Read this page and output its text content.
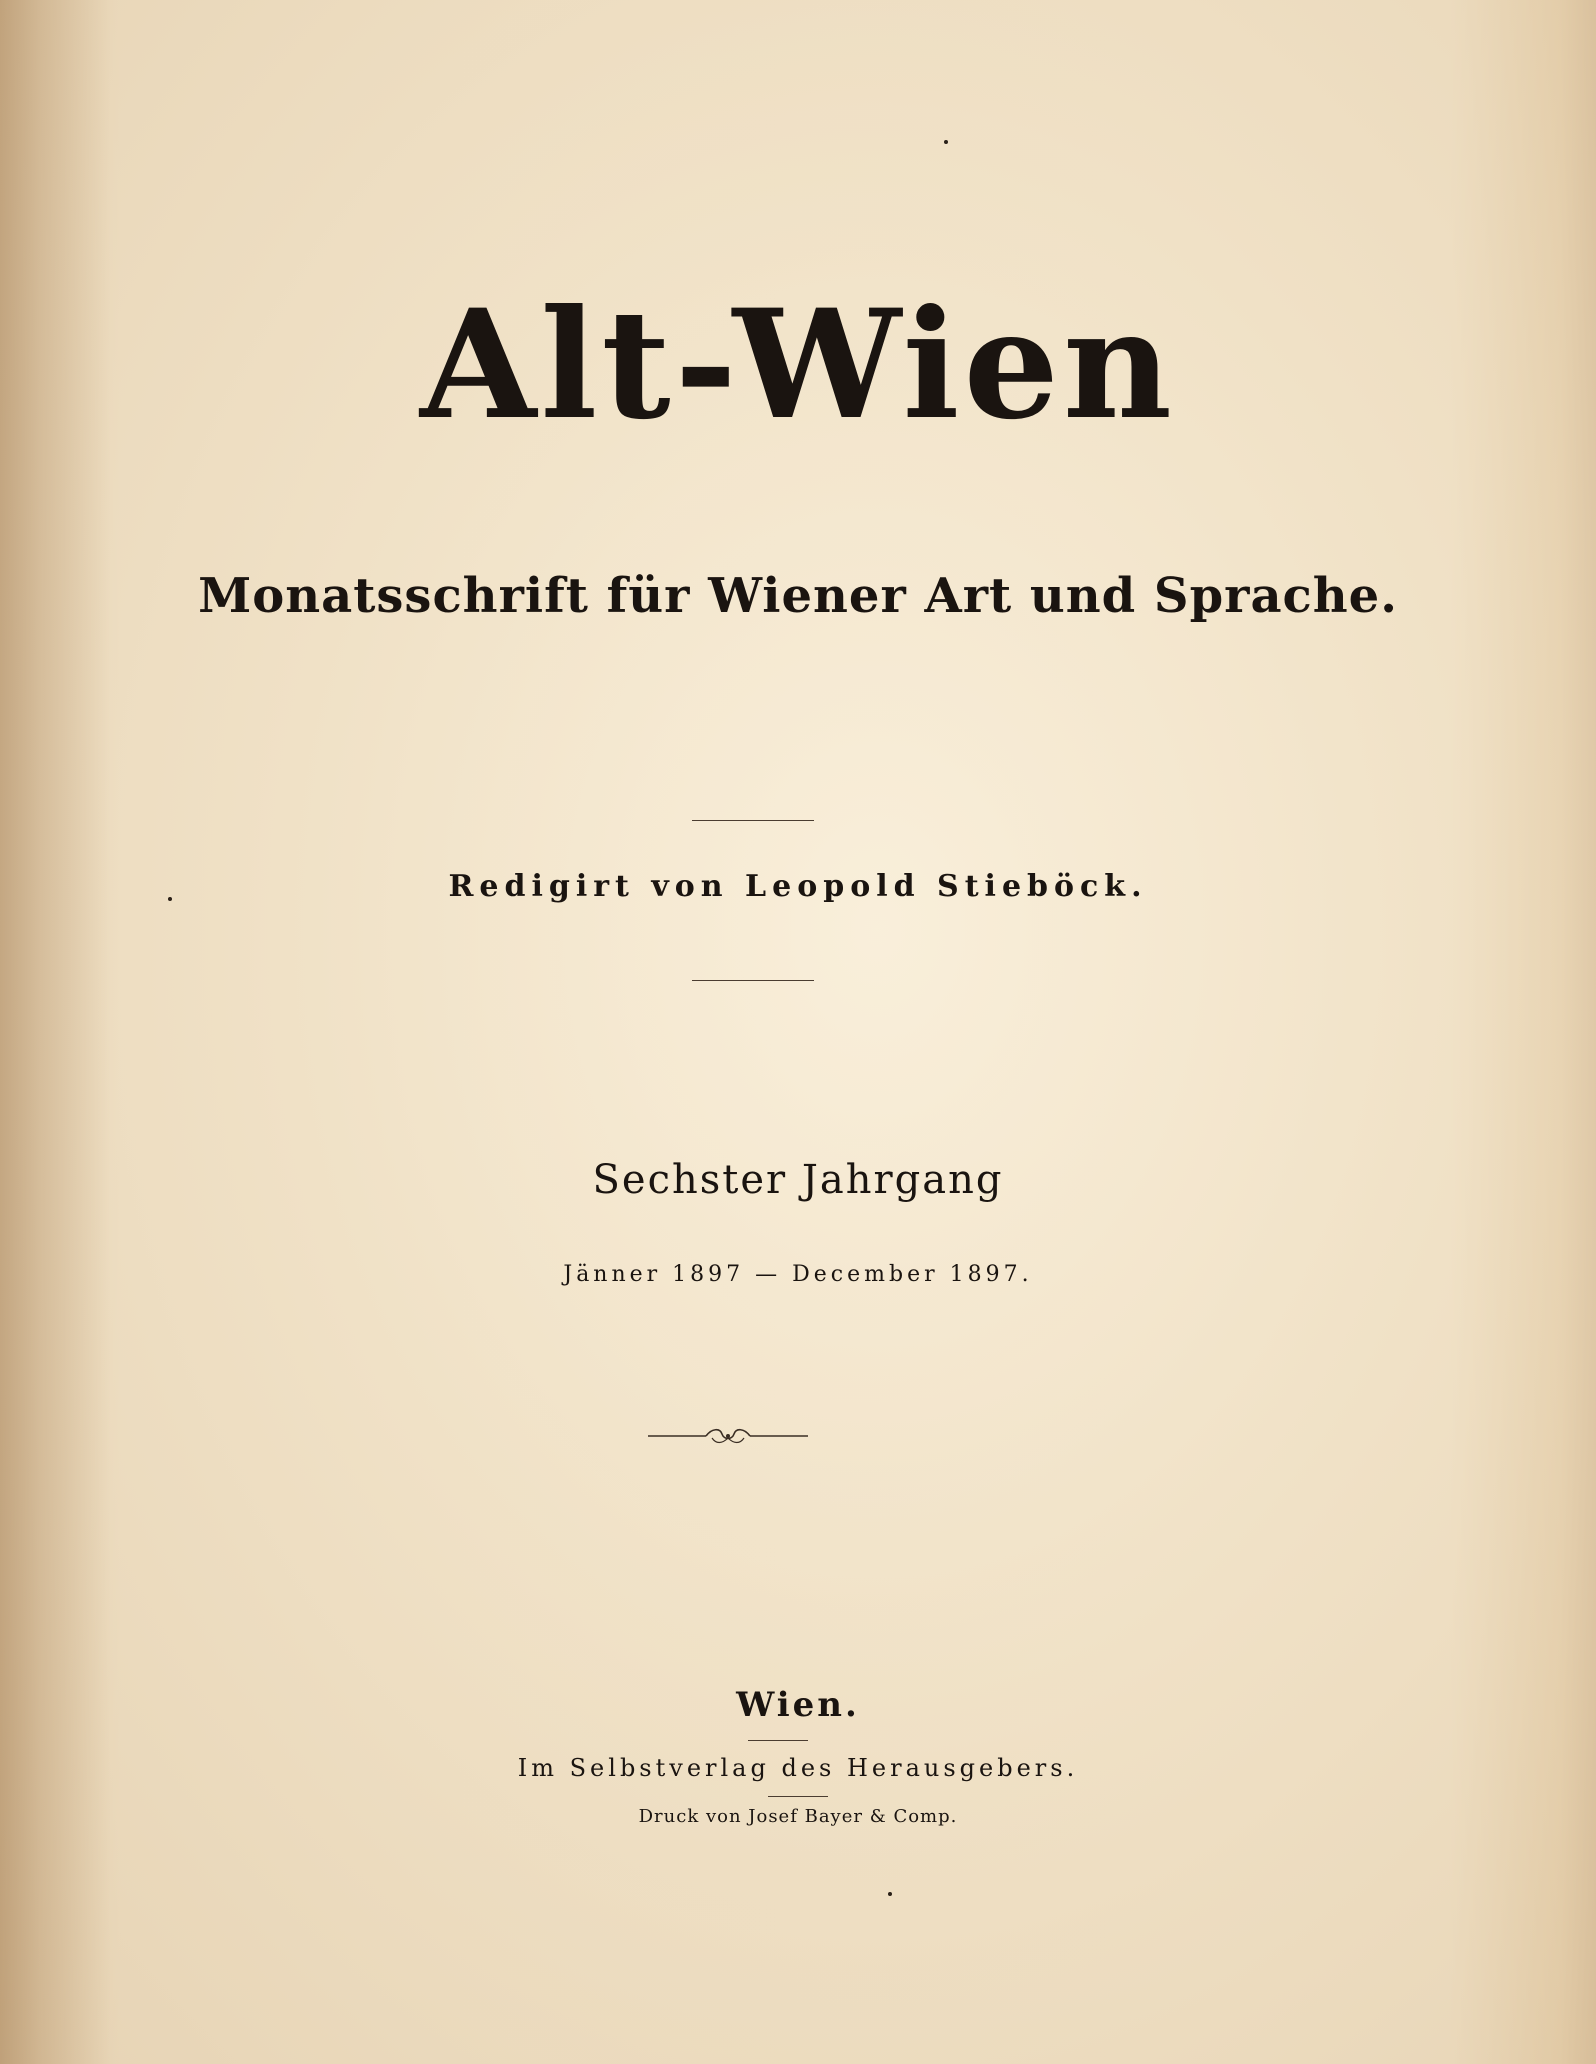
Alt-Wien
Monatsschrift für Wiener Art und Sprache.
Redigirt von Leopold Stieböck.
Sechster Jahrgang
Jänner 1897 — December 1897.
Wien.
Im Selbstverlag des Herausgebers.
Druck von Josef Bayer & Comp.
